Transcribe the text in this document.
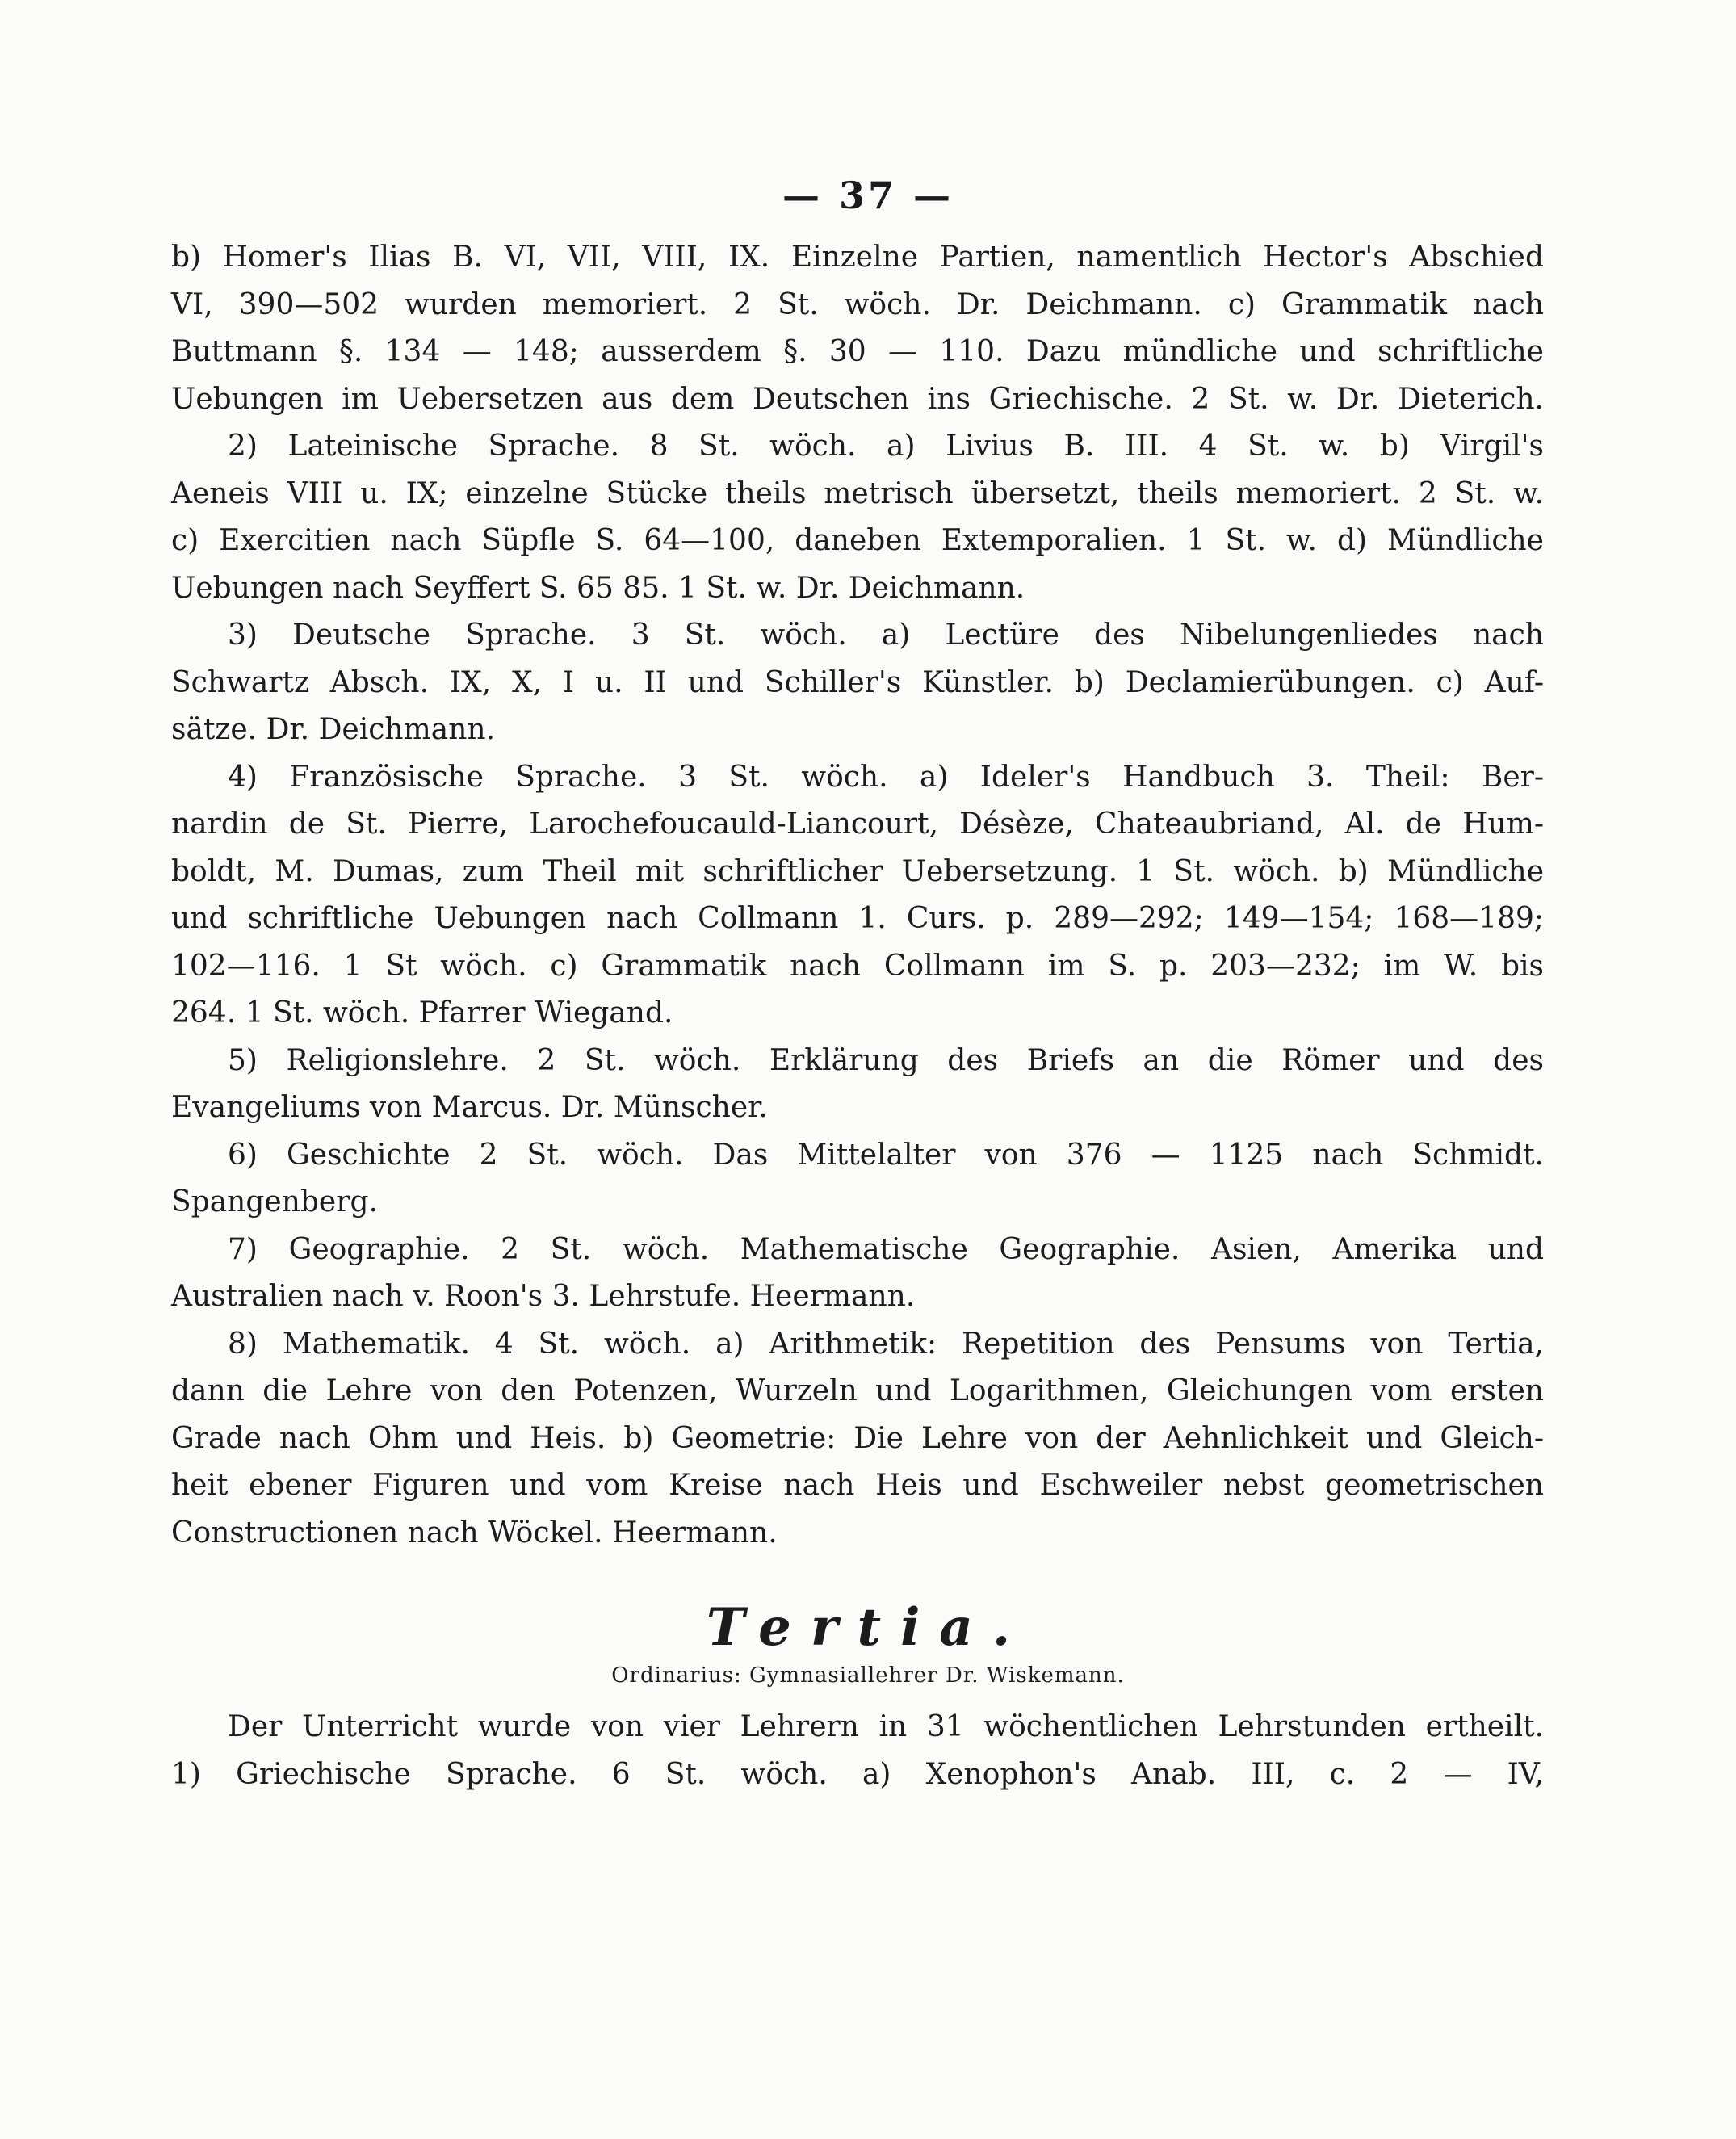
— 37 —
b) Homer's Ilias B. VI, VII, VIII, IX. Einzelne Partien, namentlich Hector's Abschied
VI, 390—502 wurden memoriert. 2 St. wöch. Dr. Deichmann. c) Grammatik nach
Buttmann §. 134 — 148; ausserdem §. 30 — 110. Dazu mündliche und schriftliche
Uebungen im Uebersetzen aus dem Deutschen ins Griechische. 2 St. w. Dr. Dieterich.
2) Lateinische Sprache. 8 St. wöch. a) Livius B. III. 4 St. w. b) Virgil's
Aeneis VIII u. IX; einzelne Stücke theils metrisch übersetzt, theils memoriert. 2 St. w.
c) Exercitien nach Süpfle S. 64—100, daneben Extemporalien. 1 St. w. d) Mündliche
Uebungen nach Seyffert S. 65 85. 1 St. w. Dr. Deichmann.
3) Deutsche Sprache. 3 St. wöch. a) Lectüre des Nibelungenliedes nach
Schwartz Absch. IX, X, I u. II und Schiller's Künstler. b) Declamierübungen. c) Auf-
sätze. Dr. Deichmann.
4) Französische Sprache. 3 St. wöch. a) Ideler's Handbuch 3. Theil: Ber-
nardin de St. Pierre, Larochefoucauld-Liancourt, Désèze, Chateaubriand, Al. de Hum-
boldt, M. Dumas, zum Theil mit schriftlicher Uebersetzung. 1 St. wöch. b) Mündliche
und schriftliche Uebungen nach Collmann 1. Curs. p. 289—292; 149—154; 168—189;
102—116. 1 St wöch. c) Grammatik nach Collmann im S. p. 203—232; im W. bis
264. 1 St. wöch. Pfarrer Wiegand.
5) Religionslehre. 2 St. wöch. Erklärung des Briefs an die Römer und des
Evangeliums von Marcus. Dr. Münscher.
6) Geschichte 2 St. wöch. Das Mittelalter von 376 — 1125 nach Schmidt.
Spangenberg.
7) Geographie. 2 St. wöch. Mathematische Geographie. Asien, Amerika und
Australien nach v. Roon's 3. Lehrstufe. Heermann.
8) Mathematik. 4 St. wöch. a) Arithmetik: Repetition des Pensums von Tertia,
dann die Lehre von den Potenzen, Wurzeln und Logarithmen, Gleichungen vom ersten
Grade nach Ohm und Heis. b) Geometrie: Die Lehre von der Aehnlichkeit und Gleich-
heit ebener Figuren und vom Kreise nach Heis und Eschweiler nebst geometrischen
Constructionen nach Wöckel. Heermann.
Tertia.
Ordinarius: Gymnasiallehrer Dr. Wiskemann.
Der Unterricht wurde von vier Lehrern in 31 wöchentlichen Lehrstunden ertheilt.
1) Griechische Sprache. 6 St. wöch. a) Xenophon's Anab. III, c. 2 — IV,
